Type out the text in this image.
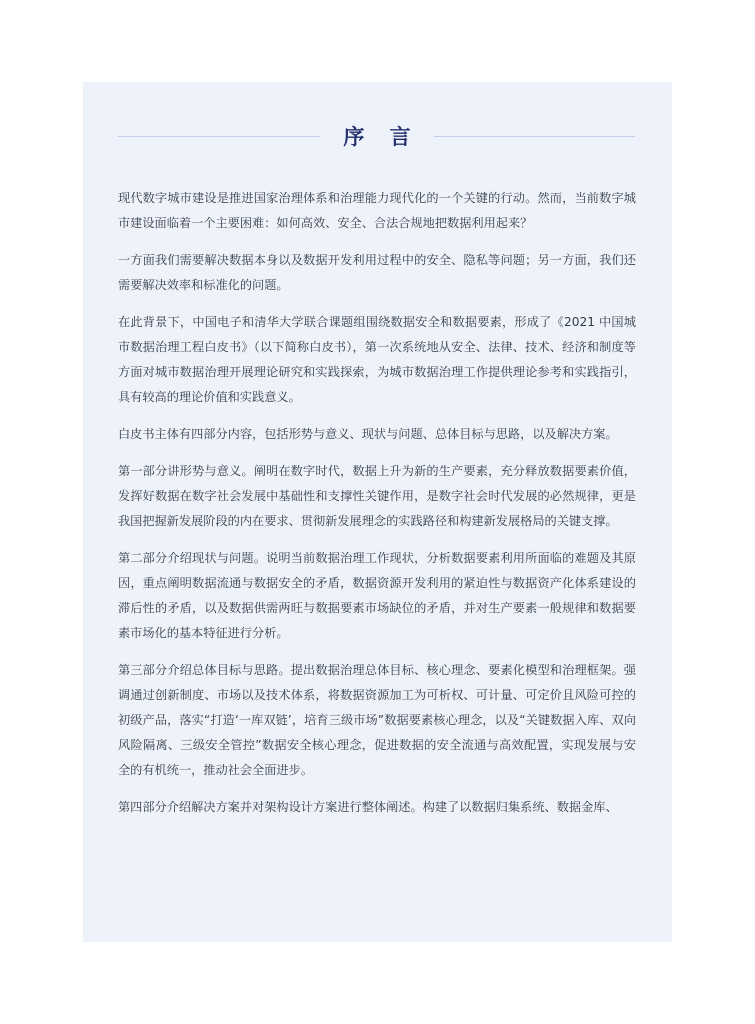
序 言

现代数字城市建设是推进国家治理体系和治理能力现代化的一个关键的行动。然而，当前数字城市建设面临着一个主要困难：如何高效、安全、合法合规地把数据利用起来？

一方面我们需要解决数据本身以及数据开发利用过程中的安全、隐私等问题；另一方面，我们还需要解决效率和标准化的问题。

在此背景下，中国电子和清华大学联合课题组围绕数据安全和数据要素，形成了《2021 中国城市数据治理工程白皮书》（以下简称白皮书），第一次系统地从安全、法律、技术、经济和制度等方面对城市数据治理开展理论研究和实践探索，为城市数据治理工作提供理论参考和实践指引，具有较高的理论价值和实践意义。

白皮书主体有四部分内容，包括形势与意义、现状与问题、总体目标与思路，以及解决方案。

第一部分讲形势与意义。阐明在数字时代，数据上升为新的生产要素，充分释放数据要素价值，发挥好数据在数字社会发展中基础性和支撑性关键作用，是数字社会时代发展的必然规律，更是我国把握新发展阶段的内在要求、贯彻新发展理念的实践路径和构建新发展格局的关键支撑。

第二部分介绍现状与问题。说明当前数据治理工作现状，分析数据要素利用所面临的难题及其原因，重点阐明数据流通与数据安全的矛盾，数据资源开发利用的紧迫性与数据资产化体系建设的滞后性的矛盾，以及数据供需两旺与数据要素市场缺位的矛盾，并对生产要素一般规律和数据要素市场化的基本特征进行分析。

第三部分介绍总体目标与思路。提出数据治理总体目标、核心理念、要素化模型和治理框架。强调通过创新制度、市场以及技术体系，将数据资源加工为可析权、可计量、可定价且风险可控的初级产品，落实“打造‘一库双链’，培育三级市场”数据要素核心理念，以及“关键数据入库、双向风险隔离、三级安全管控”数据安全核心理念，促进数据的安全流通与高效配置，实现发展与安全的有机统一，推动社会全面进步。

第四部分介绍解决方案并对架构设计方案进行整体阐述。构建了以数据归集系统、数据金库、
